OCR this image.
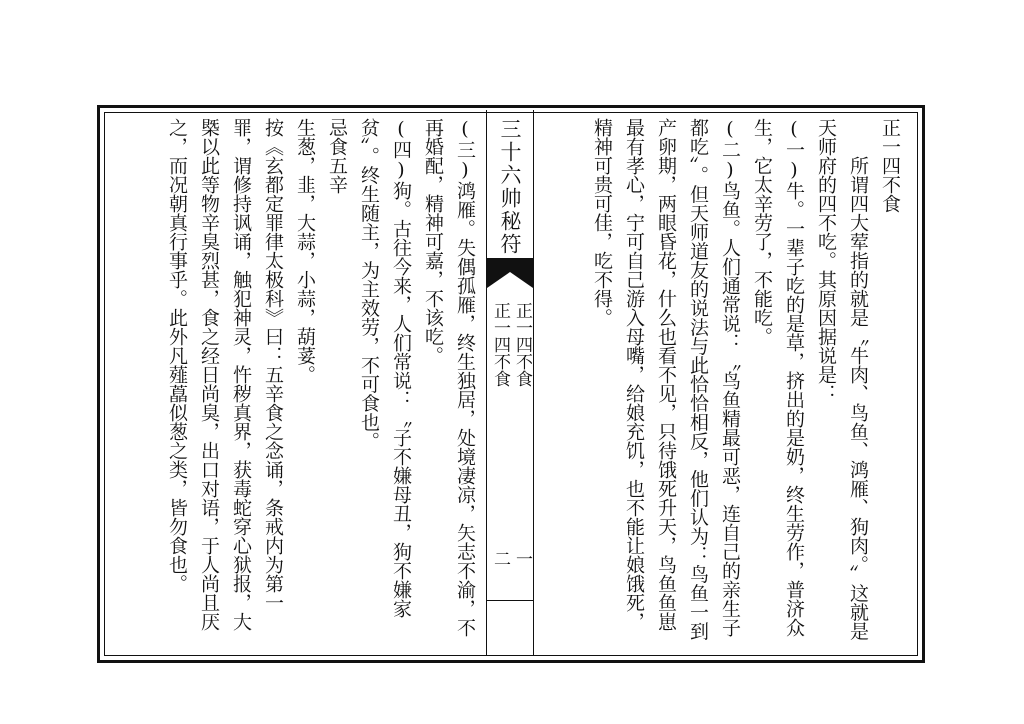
正一四不食
所谓四大荤指的就是〝牛肉、鸟鱼、鸿雁、狗肉。〞这就是天师府的四不吃。其原因据说是：
(一)牛。一辈子吃的是草，挤出的是奶，终生劳作，普济众生，它太辛劳了，不能吃。
(二)鸟鱼。人们通常说：〝鸟鱼精最可恶，连自己的亲生子都吃〞。但天师道友的说法与此恰恰相反，他们认为：鸟鱼一到产卵期，两眼昏花，什么也看不见，只待饿死升天，鸟鱼鱼崽最有孝心，宁可自己游入母嘴，给娘充饥，也不能让娘饿死，精神可贵可佳，吃不得。
三十六帅秘符
正一四不食
正一四不食
一
二
(三)鸿雁。失偶孤雁，终生独居，处境凄凉，矢志不渝，不再婚配，精神可嘉，不该吃。
(四)狗。古往今来，人们常说：〝子不嫌母丑，狗不嫌家贫〞。终生随主，为主效劳，不可食也。
忌食五辛
生葱，韭，大蒜，小蒜，葫荽。
按《玄都定罪律太极科》曰：五辛食之念诵，条戒内为第一罪，谓修持讽诵，触犯神灵，忤秽真界，获毒蛇穿心狱报，大槩以此等物辛臭烈甚，食之经日尚臭，出口对语，于人尚且厌之，而况朝真行事乎。此外凡薤藠似葱之类，皆勿食也。
